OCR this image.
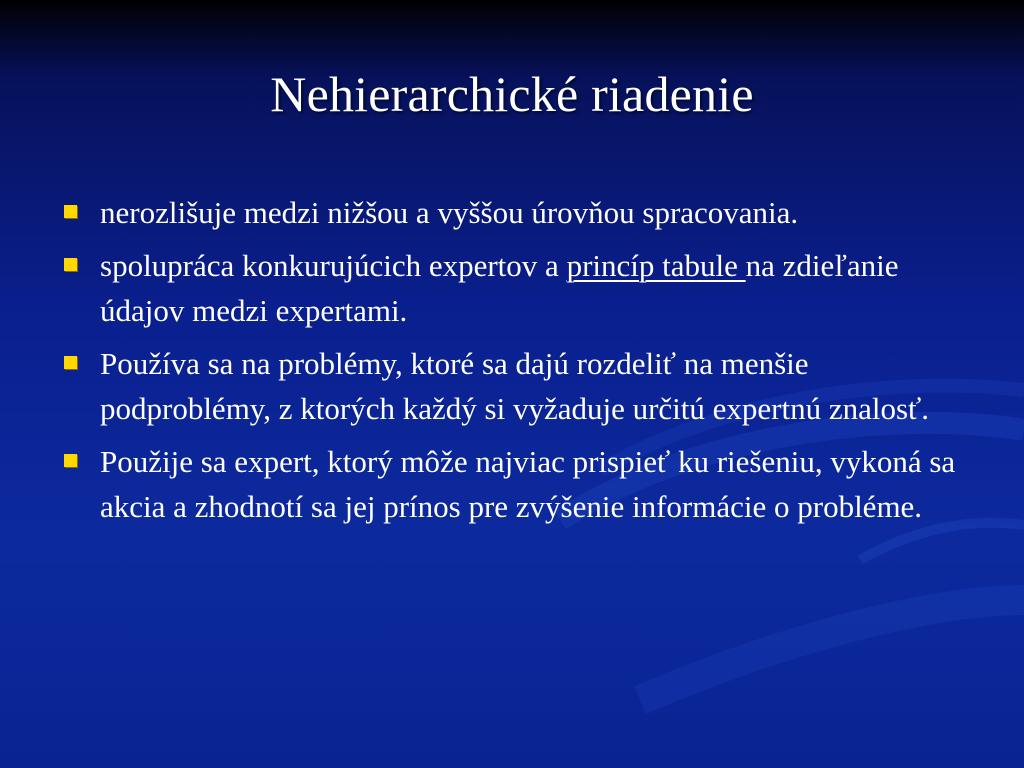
Nehierarchické riadenie
nerozlišuje medzi nižšou a vyššou úrovňou spracovania.
spolupráca konkurujúcich expertov a princíp tabule na zdieľanie údajov medzi expertami.
Používa sa na problémy, ktoré sa dajú rozdeliť na menšie podproblémy, z ktorých každý si vyžaduje určitú expertnú znalosť.
Použije sa expert, ktorý môže najviac prispieť ku riešeniu, vykoná sa akcia a zhodnotí sa jej prínos pre zvýšenie informácie o probléme.
